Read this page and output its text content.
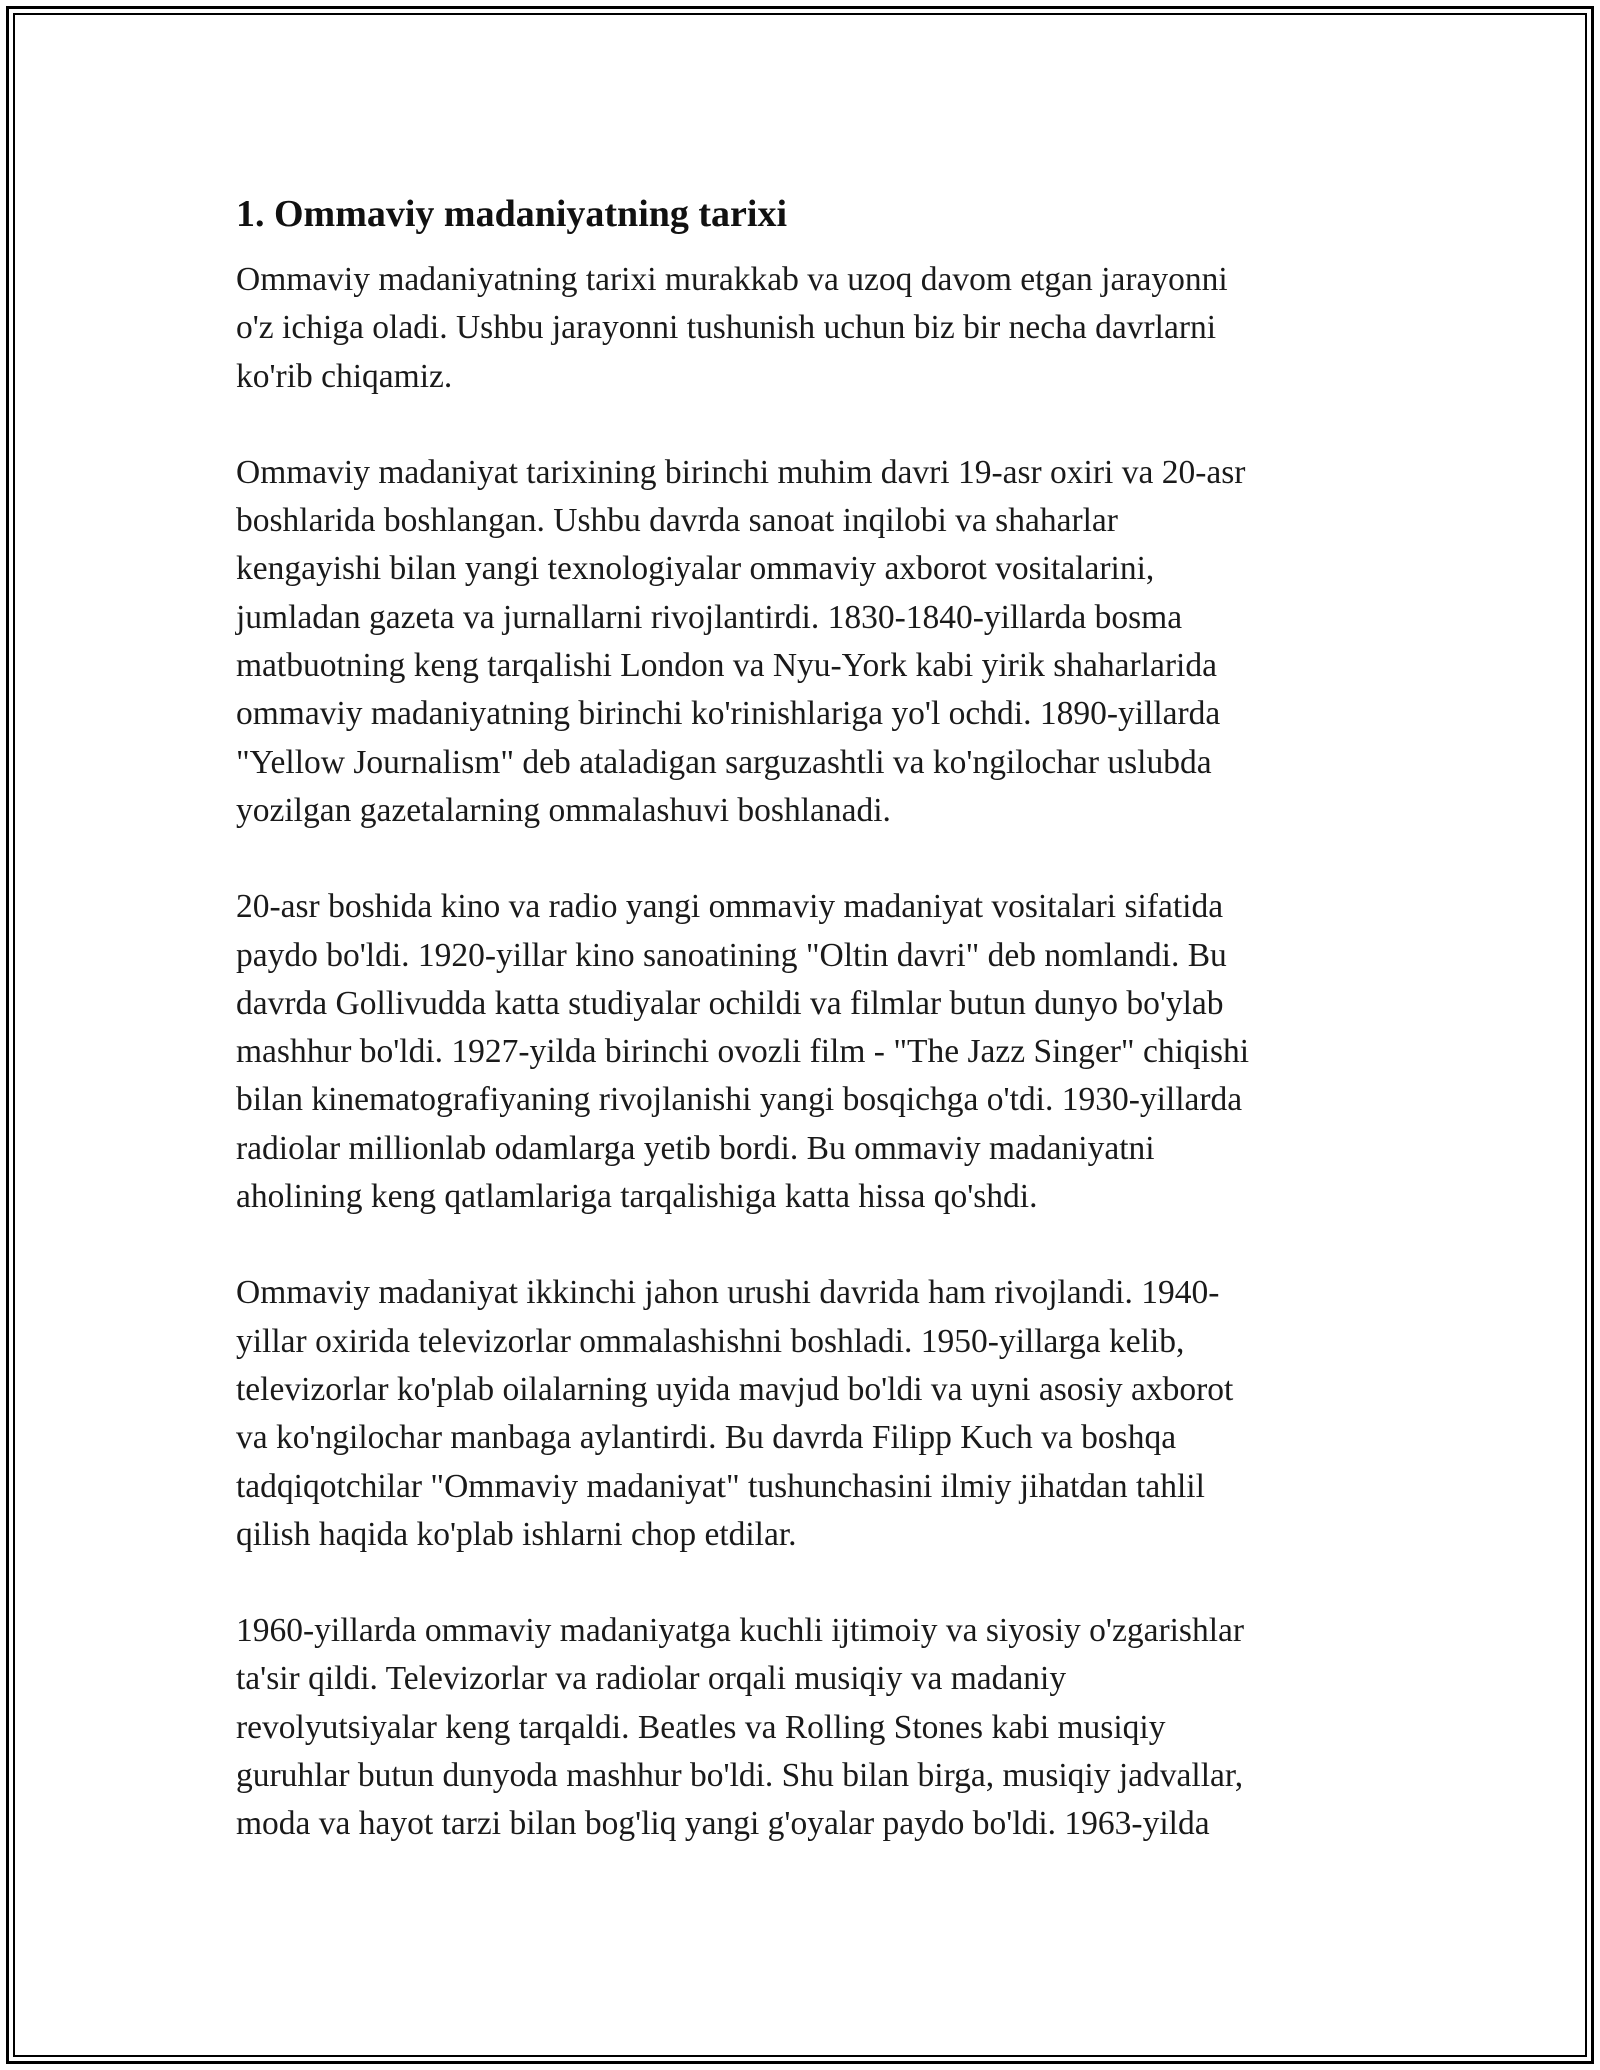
1. Ommaviy madaniyatning tarixi

Ommaviy madaniyatning tarixi murakkab va uzoq davom etgan jarayonni
o'z ichiga oladi. Ushbu jarayonni tushunish uchun biz bir necha davrlarni
ko'rib chiqamiz.

Ommaviy madaniyat tarixining birinchi muhim davri 19-asr oxiri va 20-asr
boshlarida boshlangan. Ushbu davrda sanoat inqilobi va shaharlar
kengayishi bilan yangi texnologiyalar ommaviy axborot vositalarini,
jumladan gazeta va jurnallarni rivojlantirdi. 1830-1840-yillarda bosma
matbuotning keng tarqalishi London va Nyu-York kabi yirik shaharlarida
ommaviy madaniyatning birinchi ko'rinishlariga yo'l ochdi. 1890-yillarda
"Yellow Journalism" deb ataladigan sarguzashtli va ko'ngilochar uslubda
yozilgan gazetalarning ommalashuvi boshlanadi.

20-asr boshida kino va radio yangi ommaviy madaniyat vositalari sifatida
paydo bo'ldi. 1920-yillar kino sanoatining "Oltin davri" deb nomlandi. Bu
davrda Gollivudda katta studiyalar ochildi va filmlar butun dunyo bo'ylab
mashhur bo'ldi. 1927-yilda birinchi ovozli film - "The Jazz Singer" chiqishi
bilan kinematografiyaning rivojlanishi yangi bosqichga o'tdi. 1930-yillarda
radiolar millionlab odamlarga yetib bordi. Bu ommaviy madaniyatni
aholining keng qatlamlariga tarqalishiga katta hissa qo'shdi.

Ommaviy madaniyat ikkinchi jahon urushi davrida ham rivojlandi. 1940-
yillar oxirida televizorlar ommalashishni boshladi. 1950-yillarga kelib,
televizorlar ko'plab oilalarning uyida mavjud bo'ldi va uyni asosiy axborot
va ko'ngilochar manbaga aylantirdi. Bu davrda Filipp Kuch va boshqa
tadqiqotchilar "Ommaviy madaniyat" tushunchasini ilmiy jihatdan tahlil
qilish haqida ko'plab ishlarni chop etdilar.

1960-yillarda ommaviy madaniyatga kuchli ijtimoiy va siyosiy o'zgarishlar
ta'sir qildi. Televizorlar va radiolar orqali musiqiy va madaniy
revolyutsiyalar keng tarqaldi. Beatles va Rolling Stones kabi musiqiy
guruhlar butun dunyoda mashhur bo'ldi. Shu bilan birga, musiqiy jadvallar,
moda va hayot tarzi bilan bog'liq yangi g'oyalar paydo bo'ldi. 1963-yilda
